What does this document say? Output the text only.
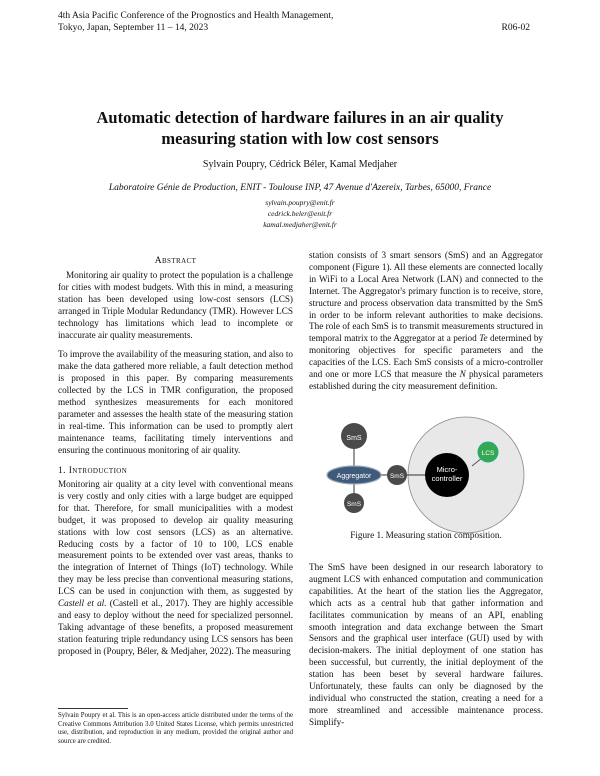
4th Asia Pacific Conference of the Prognostics and Health Management,
Tokyo, Japan, September 11 – 14, 2023	R06-02
Automatic detection of hardware failures in an air quality
measuring station with low cost sensors
Sylvain Poupry, Cédrick Béler, Kamal Medjaher
Laboratoire Génie de Production, ENIT - Toulouse INP, 47 Avenue d'Azereix, Tarbes, 65000, France
sylvain.poupry@enit.fr
cedrick.beler@enit.fr
kamal.medjaher@enit.fr
Abstract

Monitoring air quality to protect the population is a challenge for cities with modest budgets. With this in mind, a measuring station has been developed using low-cost sensors (LCS) arranged in Triple Modular Redundancy (TMR). However LCS technology has limitations which lead to incomplete or inaccurate air quality measurements.

To improve the availability of the measuring station, and also to make the data gathered more reliable, a fault detection method is proposed in this paper. By comparing measurements collected by the LCS in TMR configuration, the proposed method synthesizes measurements for each monitored parameter and assesses the health state of the measuring station in real-time. This information can be used to promptly alert maintenance teams, facilitating timely interventions and ensuring the continuous monitoring of air quality.

1. Introduction

Monitoring air quality at a city level with conventional means is very costly and only cities with a large budget are equipped for that. Therefore, for small municipalities with a modest budget, it was proposed to develop air quality measuring stations with low cost sensors (LCS) as an alternative. Reducing costs by a factor of 10 to 100, LCS enable measurement points to be extended over vast areas, thanks to the integration of Internet of Things (IoT) technology. While they may be less precise than conventional measuring stations, LCS can be used in conjunction with them, as suggested by Castell et al. (Castell et al., 2017). They are highly accessible and easy to deploy without the need for specialized personnel. Taking advantage of these benefits, a proposed measurement station featuring triple redundancy using LCS sensors has been proposed in (Poupry, Béler, & Medjaher, 2022). The measuring

Sylvain Poupry et al. This is an open-access article distributed under the terms of the Creative Commons Attribution 3.0 United States License, which permits unrestricted use, distribution, and reproduction in any medium, provided the original author and source are credited.

station consists of 3 smart sensors (SmS) and an Aggregator component (Figure 1). All these elements are connected locally in WiFi to a Local Area Network (LAN) and connected to the Internet. The Aggregator's primary function is to receive, store, structure and process observation data transmitted by the SmS in order to be inform relevant authorities to make decisions. The role of each SmS is to transmit measurements structured in temporal matrix to the Aggregator at a period Te determined by monitoring objectives for specific parameters and the capacities of the LCS. Each SmS consists of a micro-controller and one or more LCS that measure the N physical parameters established during the city measurement definition.

SmS
Aggregator
SmS
SmS
Micro-
controller
LCS
Figure 1. Measuring station composition.

The SmS have been designed in our research laboratory to augment LCS with enhanced computation and communication capabilities. At the heart of the station lies the Aggregator, which acts as a central hub that gather information and facilitates communication by means of an API, enabling smooth integration and data exchange between the Smart Sensors and the graphical user interface (GUI) used by with decision-makers. The initial deployment of one station has been successful, but currently, the initial deployment of the station has been beset by several hardware failures. Unfortunately, these faults can only be diagnosed by the individual who constructed the station, creating a need for a more streamlined and accessible maintenance process. Simplify-
